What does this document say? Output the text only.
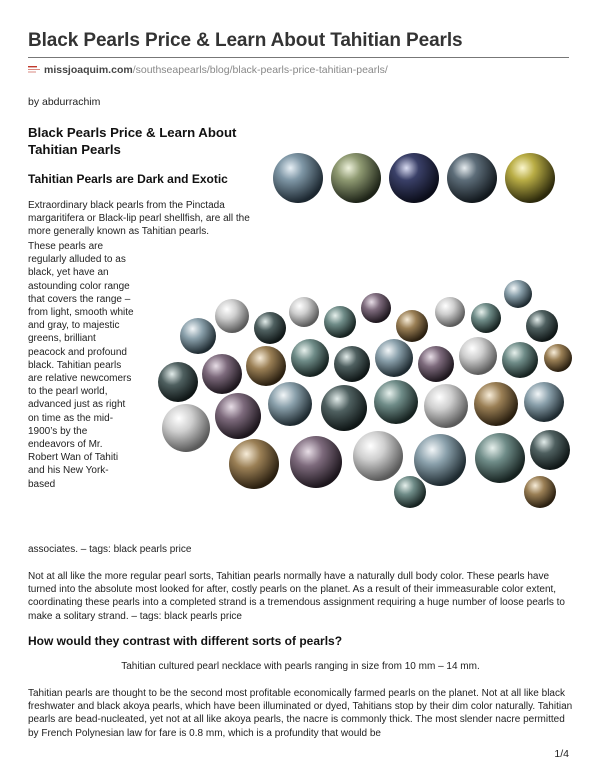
Black Pearls Price & Learn About Tahitian Pearls
missjoaquim.com/southseapearls/blog/black-pearls-price-tahitian-pearls/
by abdurrachim
Black Pearls Price & Learn About Tahitian Pearls
Tahitian Pearls are Dark and Exotic
Extraordinary black pearls from the Pinctada margaritifera or Black-lip pearl shellfish, are all the more generally known as Tahitian pearls.
These pearls are regularly alluded to as black, yet have an astounding color range that covers the range – from light, smooth white and gray, to majestic greens, brilliant peacock and profound black. Tahitian pearls are relative newcomers to the pearl world, advanced just as right on time as the mid-1900’s by the endeavors of Mr. Robert Wan of Tahiti and his New York-based
associates. – tags: black pearls price
Not at all like the more regular pearl sorts, Tahitian pearls normally have a naturally dull body color. These pearls have turned into the absolute most looked for after, costly pearls on the planet. As a result of their immeasurable color extent, coordinating these pearls into a completed strand is a tremendous assignment requiring a huge number of loose pearls to make a solitary strand. – tags: black pearls price
How would they contrast with different sorts of pearls?
Tahitian cultured pearl necklace with pearls ranging in size from 10 mm – 14 mm.
Tahitian pearls are thought to be the second most profitable economically farmed pearls on the planet. Not at all like black freshwater and black akoya pearls, which have been illuminated or dyed, Tahitians stop by their dim color naturally. Tahitian pearls are bead-nucleated, yet not at all like akoya pearls, the nacre is commonly thick. The most slender nacre permitted by French Polynesian law for fare is 0.8 mm, which is a profundity that would be
1/4
